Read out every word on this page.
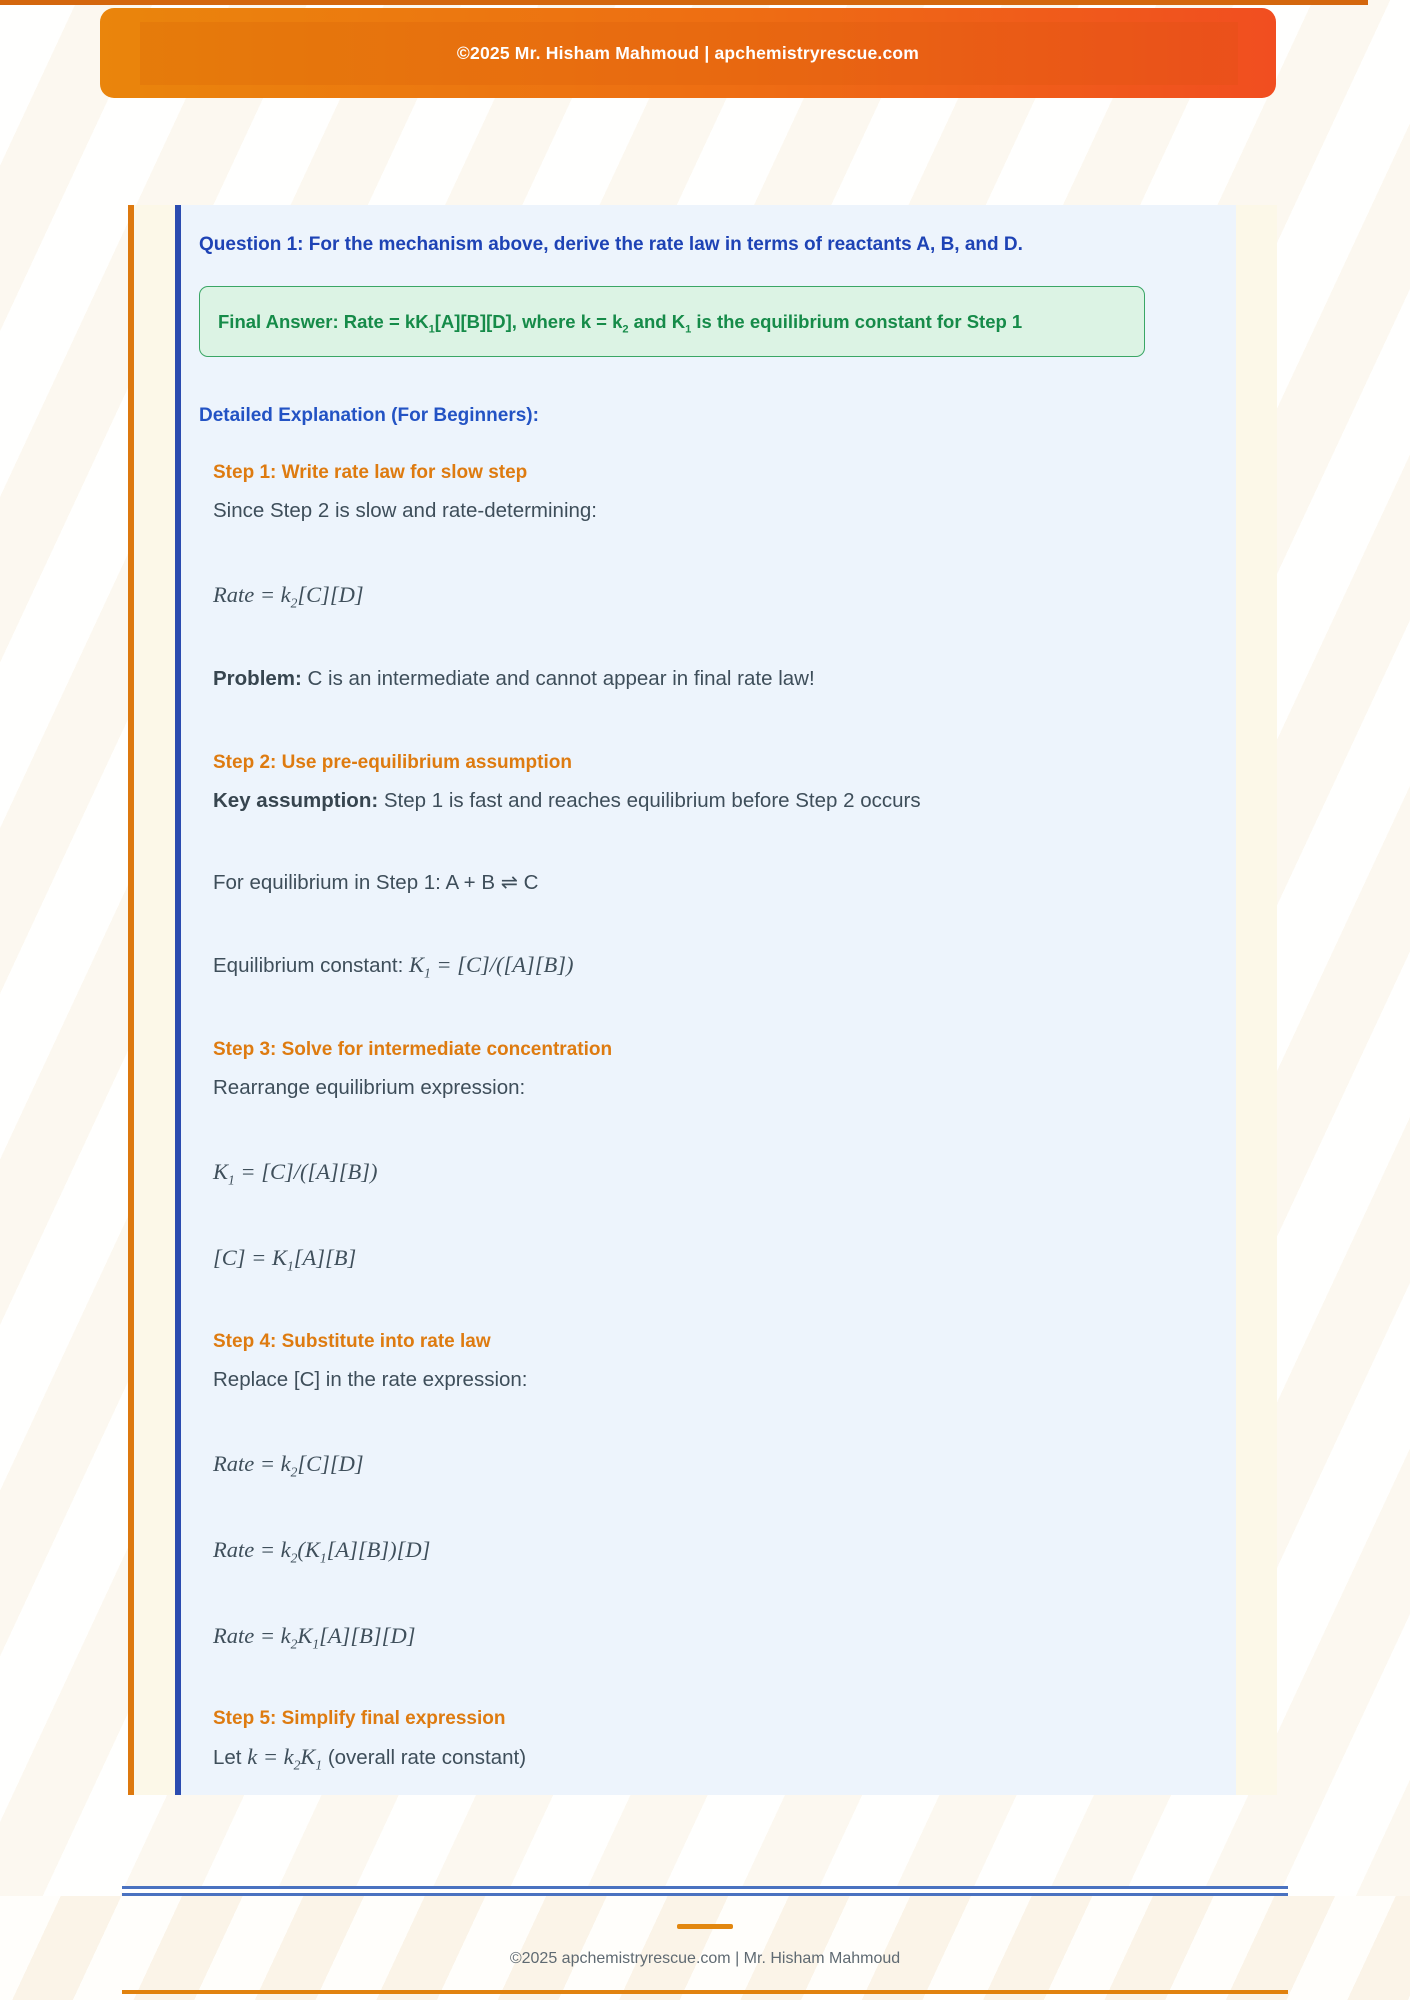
©2025 Mr. Hisham Mahmoud | apchemistryrescue.com
Question 1: For the mechanism above, derive the rate law in terms of reactants A, B, and D.

Final Answer: Rate = $kK_1[A][B][D]$, where $k = k_2$ and $K_1$ is the equilibrium constant for Step 1

Detailed Explanation (For Beginners):
Step 1: Write rate law for slow step

Since Step 2 is slow and rate-determining:

Rate = $k_2[C][D]$

Problem: C is an intermediate and cannot appear in final rate law!

Step 2: Use pre-equilibrium assumption

Key assumption: Step 1 is fast and reaches equilibrium before Step 2 occurs

For equilibrium in Step 1: A + B ⇌ C

Equilibrium constant: $K_1 = [C]/([A][B])$

Step 3: Solve for intermediate concentration

Rearrange equilibrium expression:

$K_1 = [C]/([A][B])$

$[C] = K_1[A][B]$

Step 4: Substitute into rate law

Replace [C] in the rate expression:

Rate = $k_2[C][D]$

Rate = $k_2(K_1[A][B])[D]$

Rate = $k_2K_1[A][B][D]$

Step 5: Simplify final expression

Let $k = k_2K_1$ (overall rate constant)

©2025 apchemistryrescue.com | Mr. Hisham Mahmoud
